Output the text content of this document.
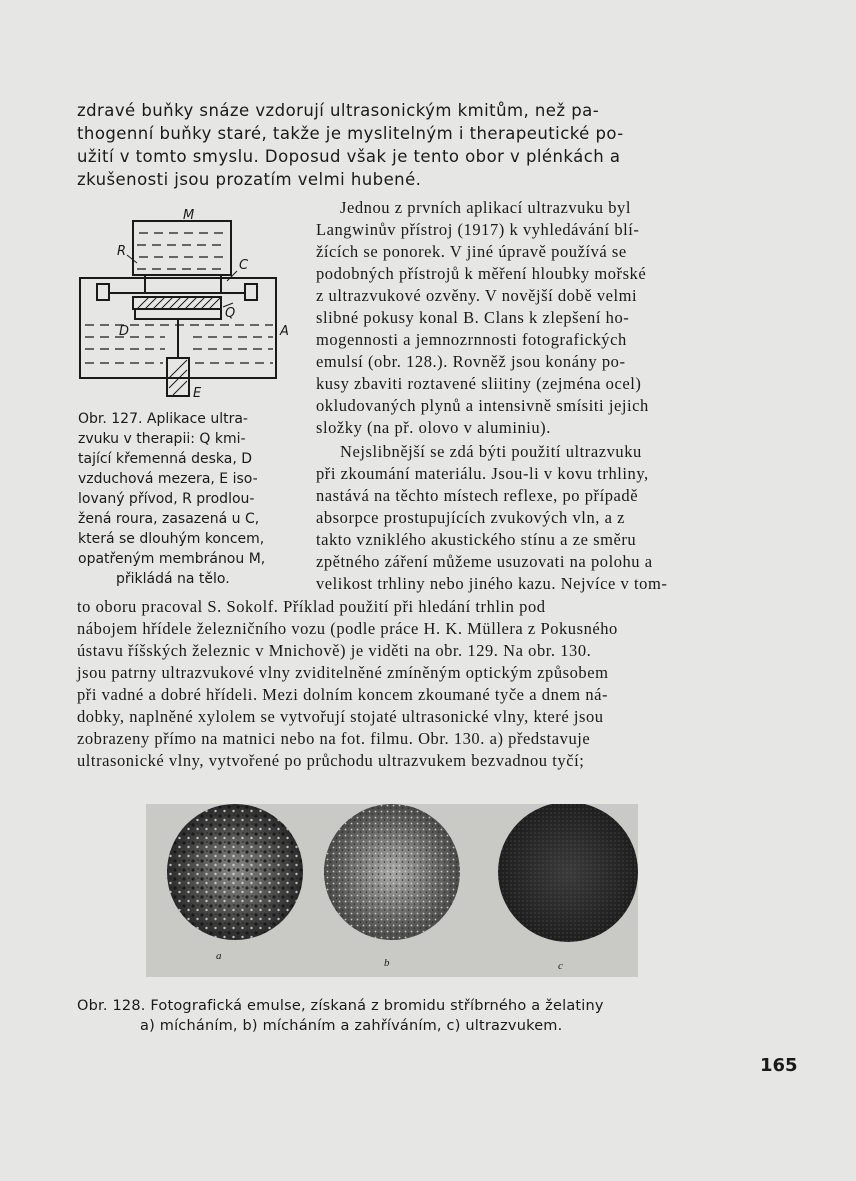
zdravé buňky snáze vzdorují ultrasonickým kmitům, než pa-
thogenní buňky staré, takže je myslitelným i therapeutické po-
užití v tomto smyslu. Doposud však je tento obor v plénkách a
zkušenosti jsou prozatím velmi hubené.
M
R
C
Q
D	A
E
Obr. 127. Aplikace ultra-
zvuku v therapii: Q kmi-
tající křemenná deska, D
vzduchová mezera, E iso-
lovaný přívod, R prodlou-
žená roura, zasazená u C,
která se dlouhým koncem,
opatřeným membránou M,
přikládá na tělo.
Jednou z prvních aplikací ultrazvuku byl
Langwinův přístroj (1917) k vyhledávání blí-
žících se ponorek. V jiné úpravě používá se
podobných přístrojů k měření hloubky mořské
z ultrazvukové ozvěny. V novější době velmi
slibné pokusy konal B. Clans k zlepšení ho-
mogennosti a jemnozrnnosti fotografických
emulsí (obr. 128.). Rovněž jsou konány po-
kusy zbaviti roztavené sliitiny (zejména ocel)
okludovaných plynů a intensivně smísiti jejich
složky (na př. olovo v aluminiu).
Nejslibnější se zdá býti použití ultrazvuku
při zkoumání materiálu. Jsou-li v kovu trhliny,
nastává na těchto místech reflexe, po případě
absorpce prostupujících zvukových vln, a z
takto vzniklého akustického stínu a ze směru
zpětného záření můžeme usuzovati na polohu a
velikost trhliny nebo jiného kazu. Nejvíce v tom-
to oboru pracoval S. Sokolf. Příklad použití při hledání trhlin pod
nábojem hřídele železničního vozu (podle práce H. K. Müllera z Pokusného
ústavu říšských železnic v Mnichově) je viděti na obr. 129. Na obr. 130.
jsou patrny ultrazvukové vlny zviditelněné zmíněným optickým způsobem
při vadné a dobré hřídeli. Mezi dolním koncem zkoumané tyče a dnem ná-
dobky, naplněné xylolem se vytvořují stojaté ultrasonické vlny, které jsou
zobrazeny přímo na matnici nebo na fot. filmu. Obr. 130. a) představuje
ultrasonické vlny, vytvořené po průchodu ultrazvukem bezvadnou tyčí;
a
b	c
Obr. 128. Fotografická emulse, získaná z bromidu stříbrného a želatiny
a) mícháním, b) mícháním a zahříváním, c) ultrazvukem.
165
